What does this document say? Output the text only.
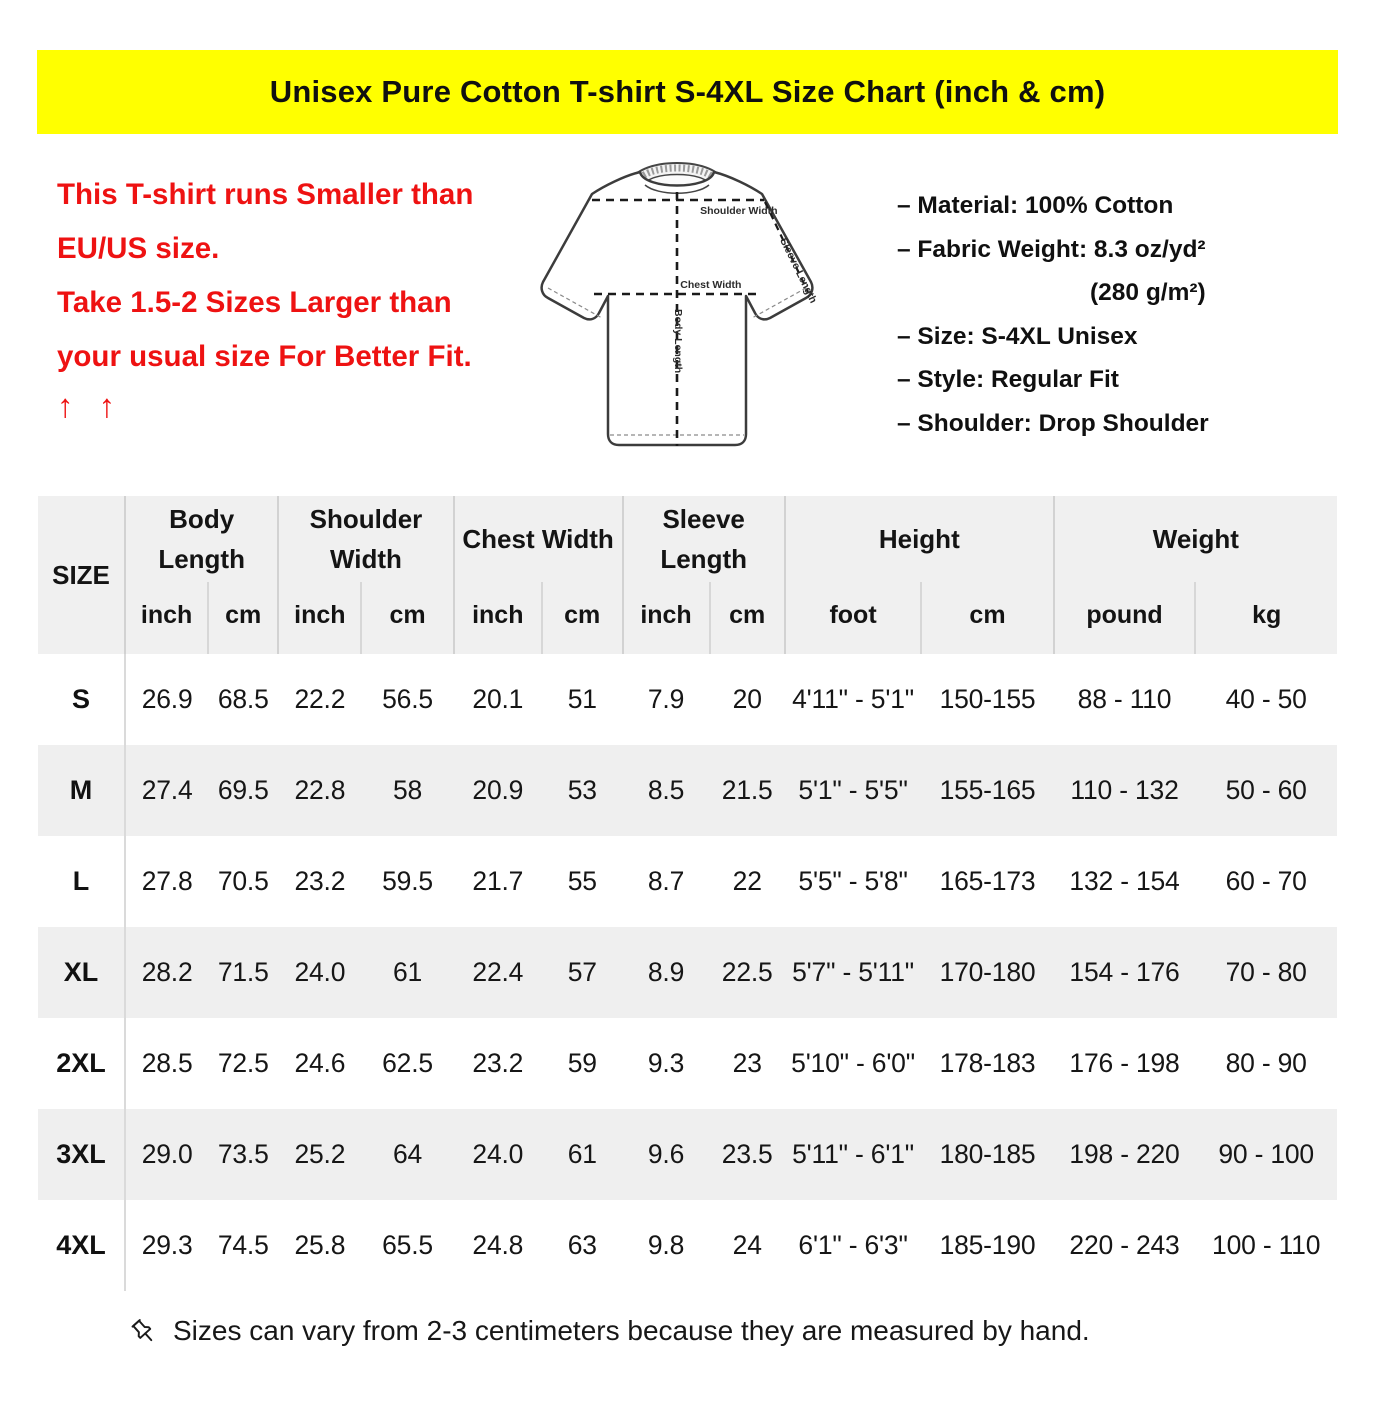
Unisex Pure Cotton T-shirt S-4XL Size Chart (inch & cm)
This T-shirt runs Smaller than
EU/US size.
Take 1.5-2 Sizes Larger than
your usual size For Better Fit.
↑ ↑
Shoulder Width
Chest Width
Body Length
Sleeve Length
– Material: 100% Cotton
– Fabric Weight: 8.3 oz/yd²
(280 g/m²)
– Size: S-4XL Unisex
– Style: Regular Fit
– Shoulder: Drop Shoulder
SIZE	Body Length		Shoulder Width		Chest Width		Sleeve Length		Height		Weight	
	inch	cm	inch	cm	inch	cm	inch	cm	foot	cm	pound	kg
S	26.9	68.5	22.2	56.5	20.1	51	7.9	20	4'11" - 5'1"	150-155	88 - 110	40 - 50
M	27.4	69.5	22.8	58	20.9	53	8.5	21.5	5'1" - 5'5"	155-165	110 - 132	50 - 60
L	27.8	70.5	23.2	59.5	21.7	55	8.7	22	5'5" - 5'8"	165-173	132 - 154	60 - 70
XL	28.2	71.5	24.0	61	22.4	57	8.9	22.5	5'7" - 5'11"	170-180	154 - 176	70 - 80
2XL	28.5	72.5	24.6	62.5	23.2	59	9.3	23	5'10" - 6'0"	178-183	176 - 198	80 - 90
3XL	29.0	73.5	25.2	64	24.0	61	9.6	23.5	5'11" - 6'1"	180-185	198 - 220	90 - 100
4XL	29.3	74.5	25.8	65.5	24.8	63	9.8	24	6'1" - 6'3"	185-190	220 - 243	100 - 110
Sizes can vary from 2-3 centimeters because they are measured by hand.
